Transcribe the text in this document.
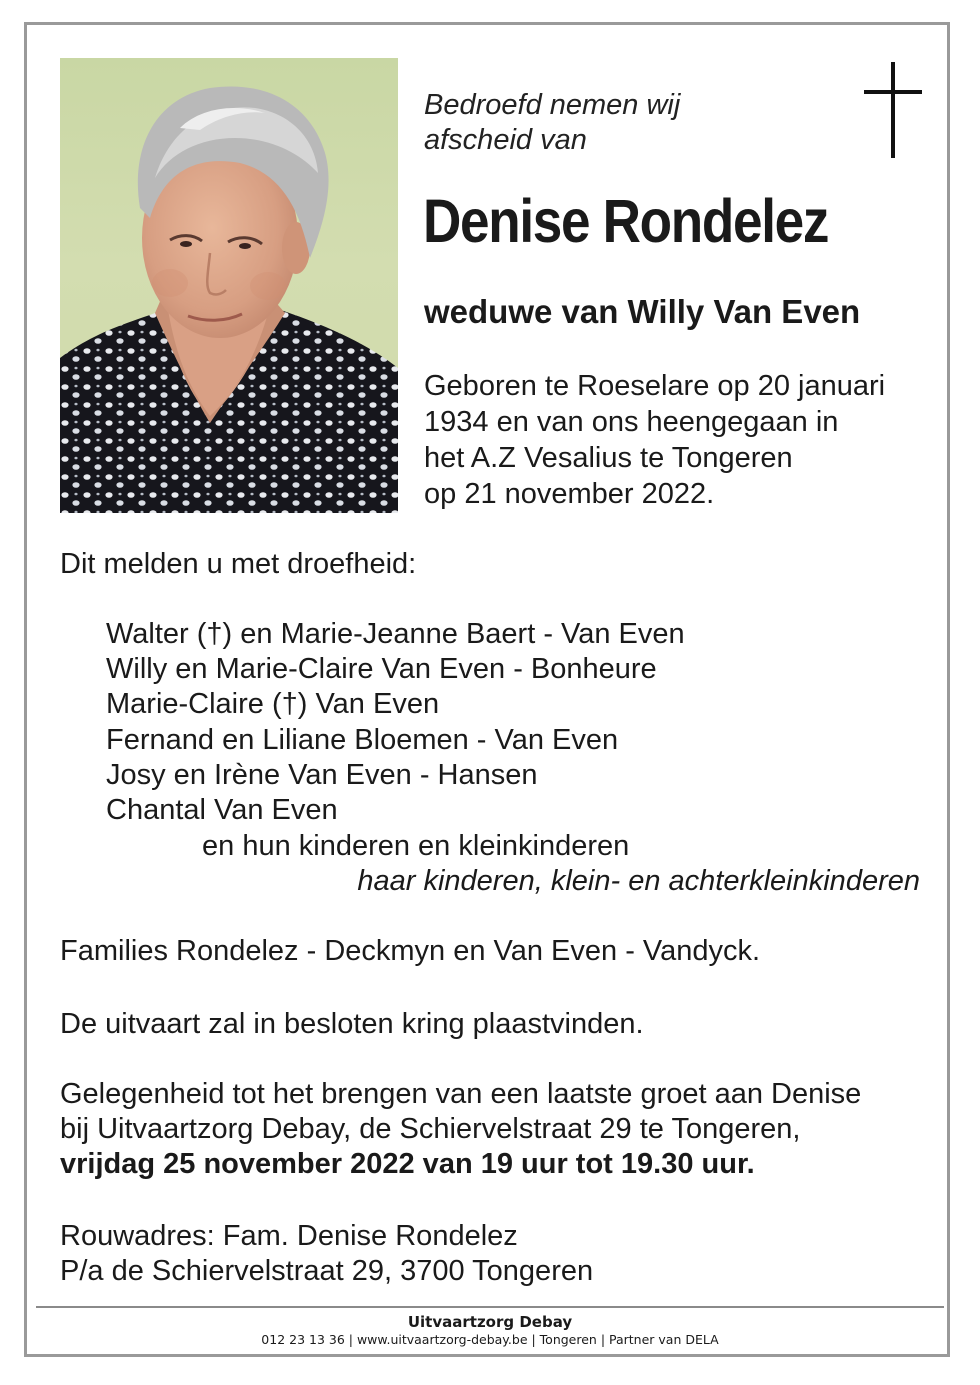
Bedroefd nemen wij
afscheid van
Denise Rondelez
weduwe van Willy Van Even
Geboren te Roeselare op 20 januari
1934 en van ons heengegaan in
het A.Z Vesalius te Tongeren
op 21 november 2022.
Dit melden u met droefheid:
Walter (†) en Marie-Jeanne Baert - Van Even
Willy en Marie-Claire Van Even - Bonheure
Marie-Claire (†) Van Even
Fernand en Liliane Bloemen - Van Even
Josy en Irène Van Even - Hansen
Chantal Van Even
en hun kinderen en kleinkinderen
haar kinderen, klein- en achterkleinkinderen
Families Rondelez - Deckmyn en Van Even - Vandyck.
De uitvaart zal in besloten kring plaastvinden.
Gelegenheid tot het brengen van een laatste groet aan Denise
bij Uitvaartzorg Debay, de Schiervelstraat 29 te Tongeren,
vrijdag 25 november 2022 van 19 uur tot 19.30 uur.
Rouwadres: Fam. Denise Rondelez
P/a de Schiervelstraat 29, 3700 Tongeren
Uitvaartzorg Debay
012 23 13 36 | www.uitvaartzorg-debay.be | Tongeren | Partner van DELA
